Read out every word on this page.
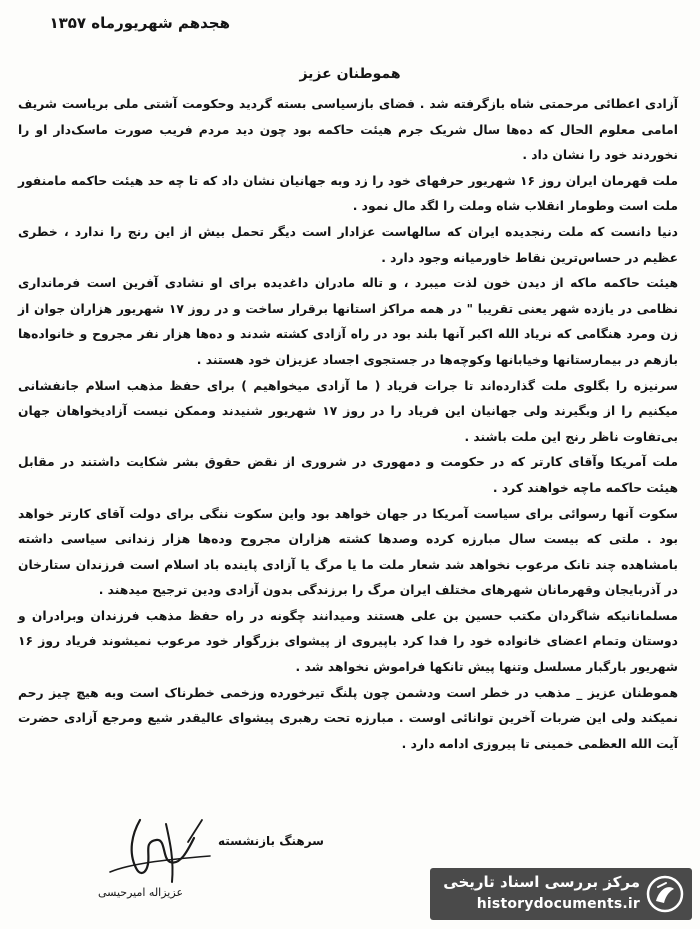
هجدهم شهریورماه ۱۳۵۷
هموطنان عزیز

آزادی اعطائی مرحمتی شاه بازگرفته شد . فضای بازسیاسی بسته گردید وحکومت آشتی ملی بریاست شریف امامی معلوم الحال که ده‌ها سال شریک جرم هیئت حاکمه بود چون دید مردم فریب صورت ماسک‌دار او را نخوردند خود را نشان داد .

ملت قهرمان ایران روز ۱۶ شهریور حرفهای خود را زد وبه جهانیان نشان داد که تا چه حد هیئت حاکمه مامنفور ملت است وطومار انقلاب شاه وملت را لگد مال نمود .

دنیا دانست که ملت رنجدیده ایران که سالهاست عزادار است دیگر تحمل بیش از این رنج را ندارد ، خطری عظیم در حساس‌ترین نقاط خاورمیانه وجود دارد .

هیئت حاکمه ماکه از دیدن خون لذت میبرد ، و تاله مادران داغدیده برای او نشادی آفرین است فرمانداری نظامی در یازده شهر یعنی تقریبا " در همه مراکز استانها برقرار ساخت و در روز ۱۷ شهریور هزاران جوان از زن ومرد هنگامی که نریاد الله اکبر آنها بلند بود در راه آزادی کشته شدند و ده‌ها هزار نفر مجروح و خانواده‌ها بازهم در بیمارستانها وخیابانها وکوچه‌ها در جستجوی اجساد عزیزان خود هستند .

سرنیزه را بگلوی ملت گذارده‌اند تا جرات فریاد ( ما آزادی میخواهیم ) برای حفظ مذهب اسلام جانفشانی میکنیم را از وبگیرند ولی جهانیان این فریاد را در روز ۱۷ شهریور شنیدند وممکن نیست آزادیخواهان جهان بی‌تفاوت ناظر رنج این ملت باشند .

ملت آمریکا وآقای کارتر که در حکومت و دمهوری در شروری از نقض حقوق بشر شکایت داشتند در مقابل هیئت حاکمه ماچه خواهند کرد .

سکوت آنها رسوائی برای سیاست آمریکا در جهان خواهد بود واین سکوت ننگی برای دولت آقای کارتر خواهد بود . ملتی که بیست سال مبارزه کرده وصدها کشته هزاران مجروح وده‌ها هزار زندانی سیاسی داشته بامشاهده چند تانک مرعوب نخواهد شد شعار ملت ما یا مرگ یا آزادی پاینده باد اسلام است فرزندان ستارخان در آذربایجان وقهرمانان شهرهای مختلف ایران مرگ را برزندگی بدون آزادی ودین ترجیح میدهند .

مسلمانانیکه شاگردان مکتب حسین بن علی هستند ومیدانند چگونه در راه حفظ مذهب فرزندان وبرادران و دوستان وتمام اعضای خانواده خود را فدا کرد باپیروی از پیشوای بزرگوار خود مرعوب نمیشوند فریاد روز ۱۶ شهریور بارگبار مسلسل وتنها پیش تانکها فراموش نخواهد شد .

هموطنان عزیز _ مذهب در خطر است ودشمن چون پلنگ تیرخورده وزخمی خطرناک است وبه هیچ چیز رحم نمیکند ولی این ضربات آخرین توانائی اوست . مبارزه تحت رهبری پیشوای عالیقدر شیع ومرجع آزادی حضرت آیت الله العظمی خمینی تا پیروزی ادامه دارد .

سرهنگ بازنشسته
عزیزاله امیرحیسی
مرکز بررسی اسناد تاریخی
historydocuments.ir
